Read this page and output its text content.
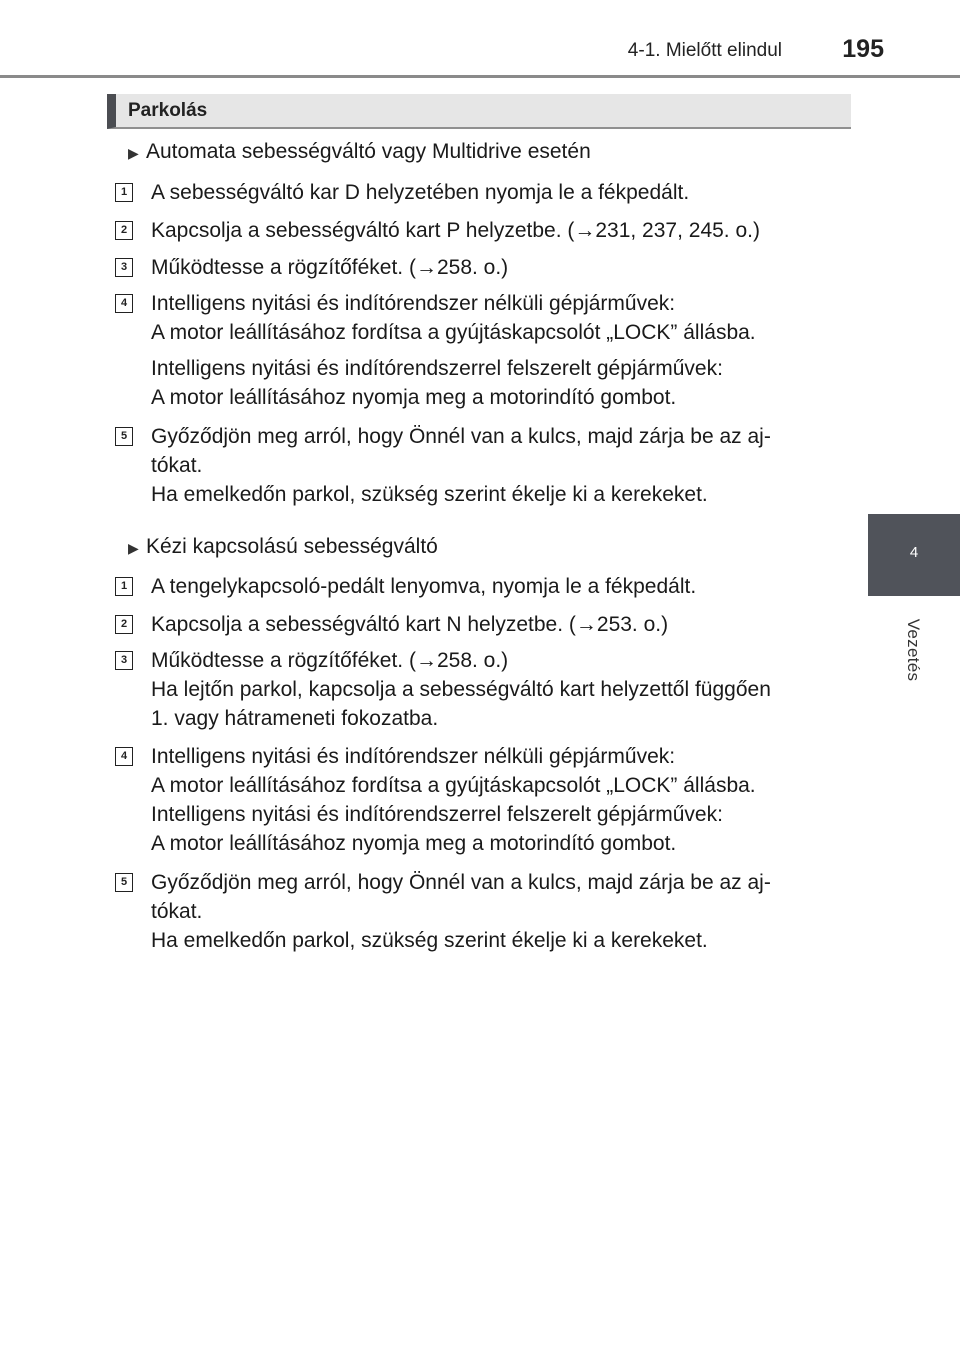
4-1. Mielőtt elindul 195
4
Vezetés
Parkolás
▶ Automata sebességváltó vagy Multidrive esetén
1 A sebességváltó kar D helyzetében nyomja le a fékpedált.

2 Kapcsolja a sebességváltó kart P helyzetbe. (→231, 237, 245. o.)

3 Működtesse a rögzítőféket. (→258. o.)

4 Intelligens nyitási és indítórendszer nélküli gépjárművek:

A motor leállításához fordítsa a gyújtáskapcsolót „LOCK” állásba.

Intelligens nyitási és indítórendszerrel felszerelt gépjárművek:

A motor leállításához nyomja meg a motorindító gombot.

5 Győződjön meg arról, hogy Önnél van a kulcs, majd zárja be az aj-

tókat.

Ha emelkedőn parkol, szükség szerint ékelje ki a kerekeket.

▶ Kézi kapcsolású sebességváltó
1 A tengelykapcsoló-pedált lenyomva, nyomja le a fékpedált.

2 Kapcsolja a sebességváltó kart N helyzetbe. (→253. o.)

3 Működtesse a rögzítőféket. (→258. o.)

Ha lejtőn parkol, kapcsolja a sebességváltó kart helyzettől függően

1. vagy hátrameneti fokozatba.

4 Intelligens nyitási és indítórendszer nélküli gépjárművek:

A motor leállításához fordítsa a gyújtáskapcsolót „LOCK” állásba.

Intelligens nyitási és indítórendszerrel felszerelt gépjárművek:

A motor leállításához nyomja meg a motorindító gombot.

5 Győződjön meg arról, hogy Önnél van a kulcs, majd zárja be az aj-

tókat.

Ha emelkedőn parkol, szükség szerint ékelje ki a kerekeket.
